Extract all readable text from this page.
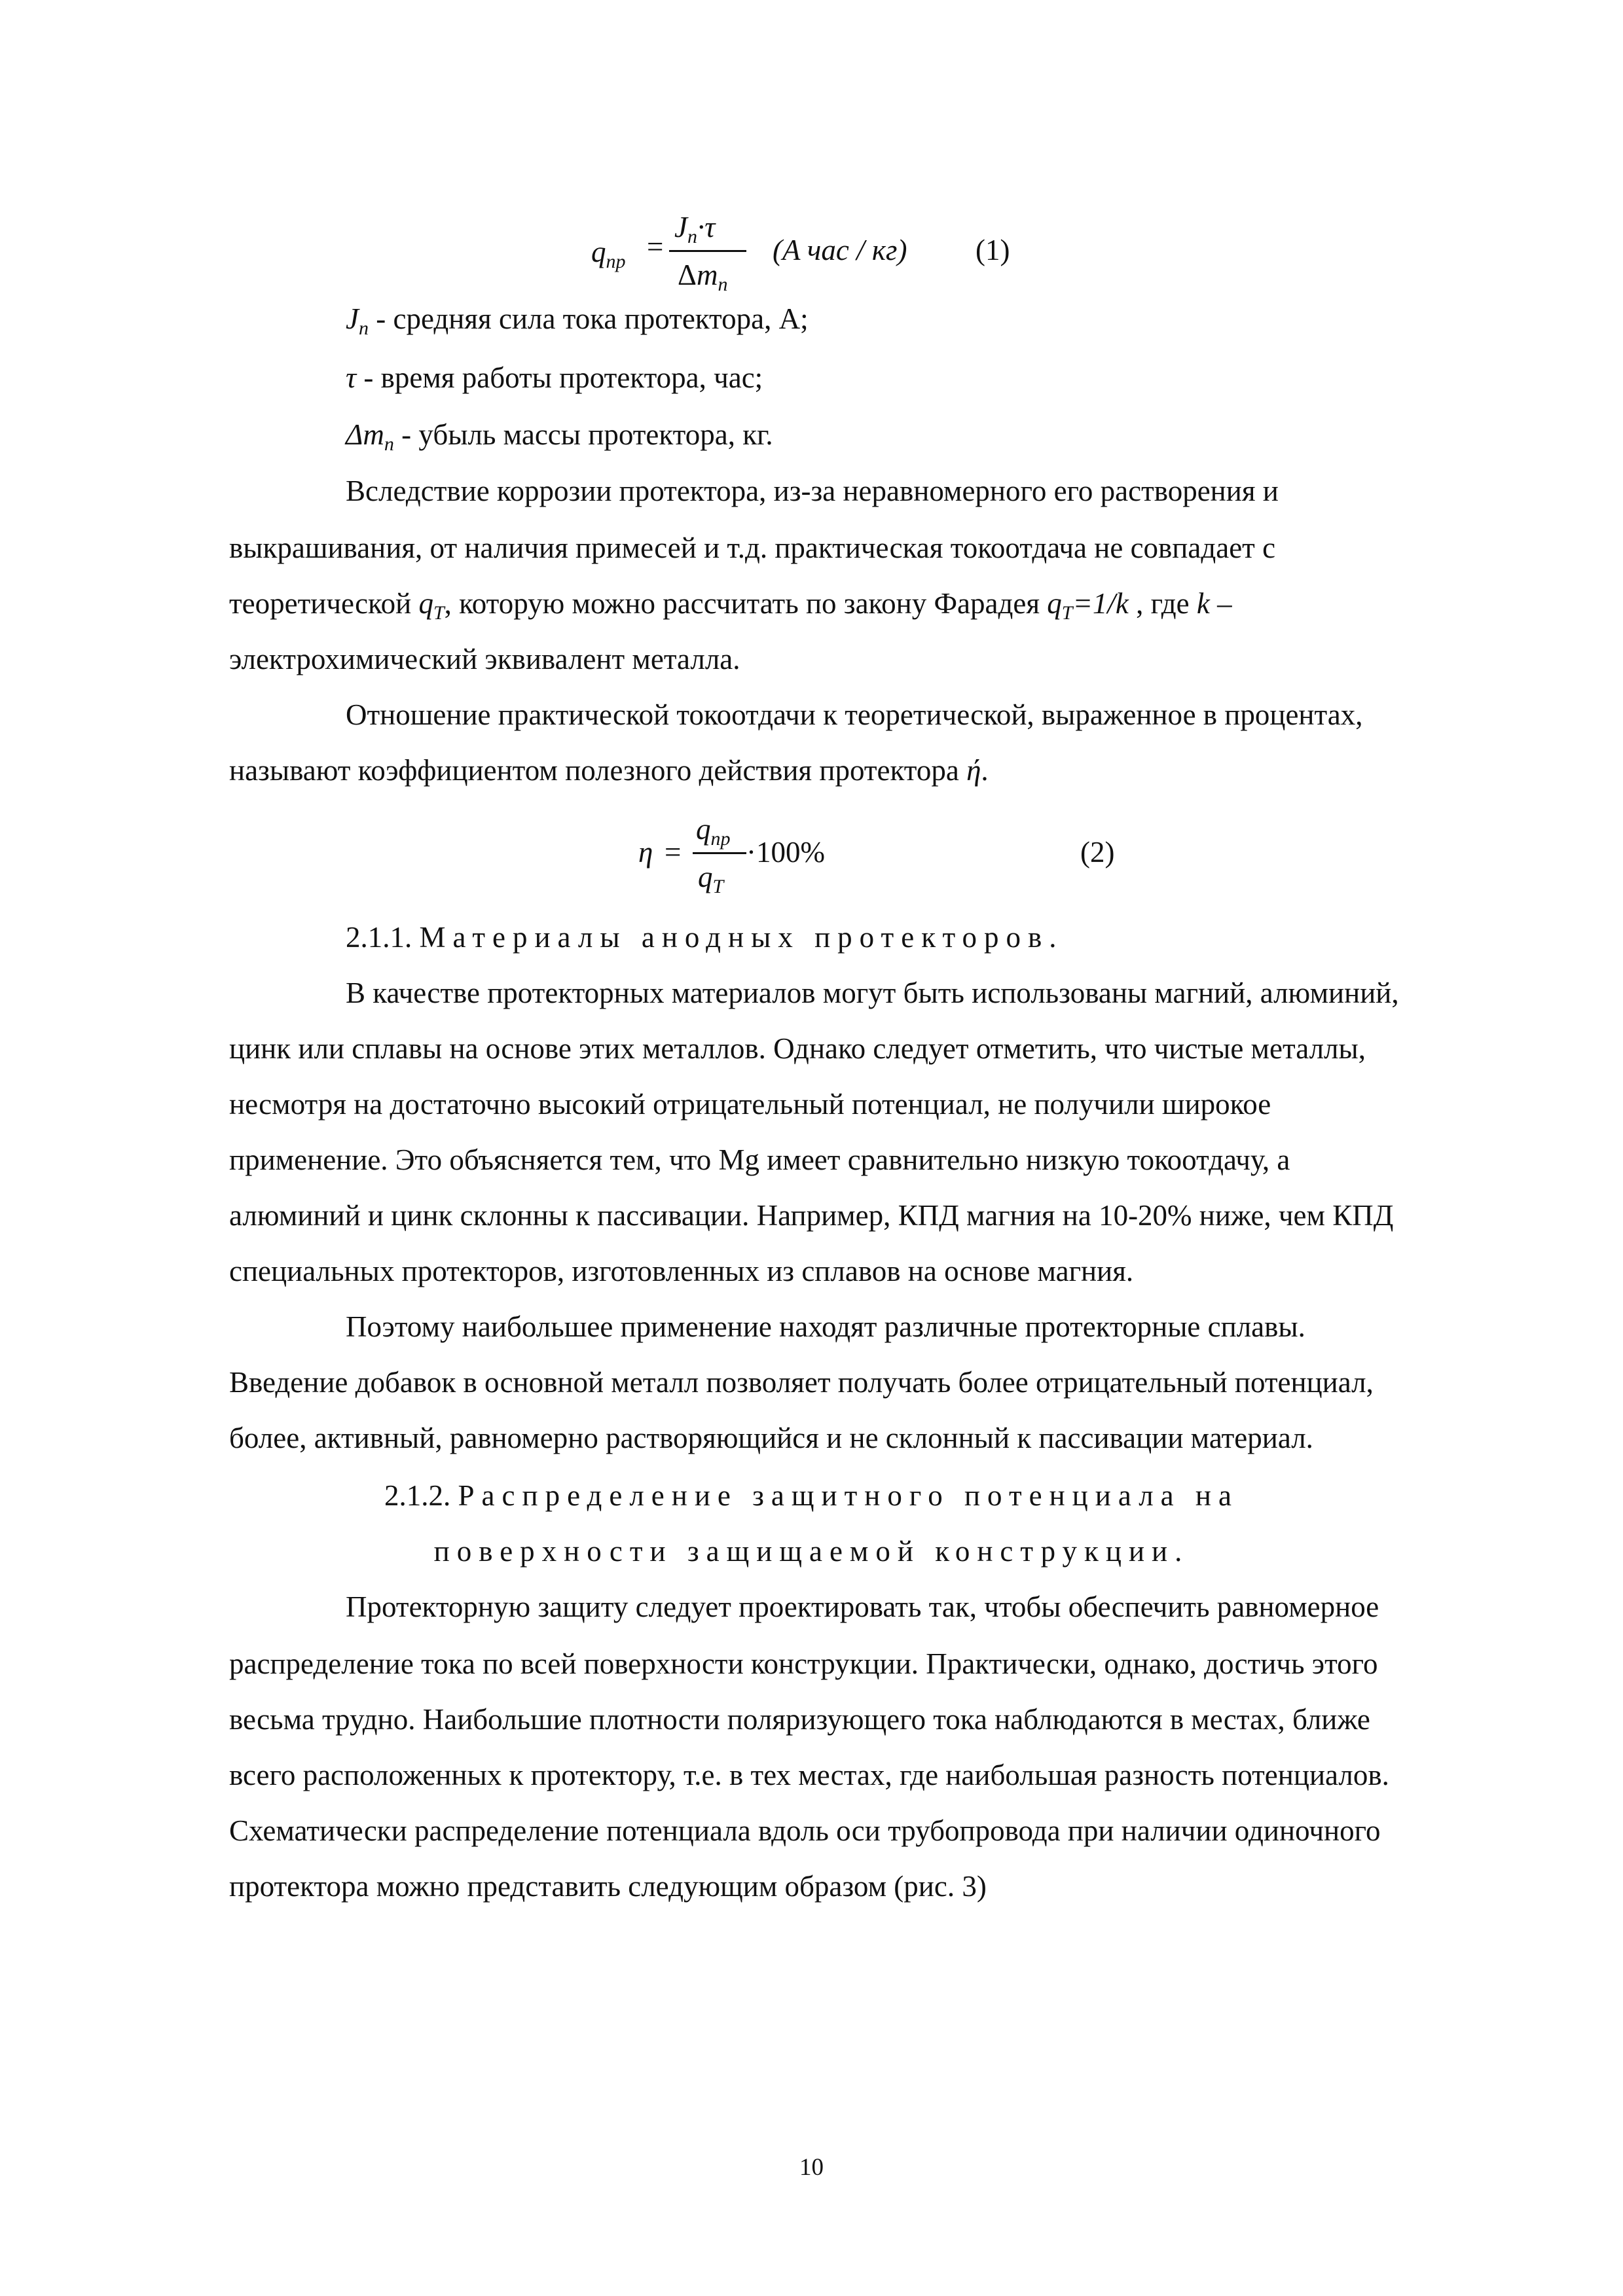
$q_{пр}$ =
$J_п\cdot\tau$
$\Delta m_п$
(A час / кг) (1)
$J_n$ - средняя сила тока протектора, А;
τ - время работы протектора, час;
$\Delta m_n$ - убыль массы протектора, кг.
Вследствие коррозии протектора, из-за неравномерного его растворения и
выкрашивания, от наличия примесей и т.д. практическая токоотдача не совпадает с
теоретической $q_T$, которую можно рассчитать по закону Фарадея $q_T=1/k$ , где k –
электрохимический эквивалент металла.
Отношение практической токоотдачи к теоретической, выраженное в процентах,
называют коэффициентом полезного действия протектора ή.
η =
$q_{пр}$
$q_T$
·100%	(2)
2.1.1. Материалы анодных протекторов.
В качестве протекторных материалов могут быть использованы магний, алюминий,
цинк или сплавы на основе этих металлов. Однако следует отметить, что чистые металлы,
несмотря на достаточно высокий отрицательный потенциал, не получили широкое
применение. Это объясняется тем, что Mg имеет сравнительно низкую токоотдачу, а
алюминий и цинк склонны к пассивации. Например, КПД магния на 10-20% ниже, чем КПД
специальных протекторов, изготовленных из сплавов на основе магния.
Поэтому наибольшее применение находят различные протекторные сплавы.
Введение добавок в основной металл позволяет получать более отрицательный потенциал,
более, активный, равномерно растворяющийся и не склонный к пассивации материал.
2.1.2. Распределение защитного потенциала на
поверхности защищаемой конструкции.
Протекторную защиту следует проектировать так, чтобы обеспечить равномерное
распределение тока по всей поверхности конструкции. Практически, однако, достичь этого
весьма трудно. Наибольшие плотности поляризующего тока наблюдаются в местах, ближе
всего расположенных к протектору, т.е. в тех местах, где наибольшая разность потенциалов.
Схематически распределение потенциала вдоль оси трубопровода при наличии одиночного
протектора можно представить следующим образом (рис. 3)
10
